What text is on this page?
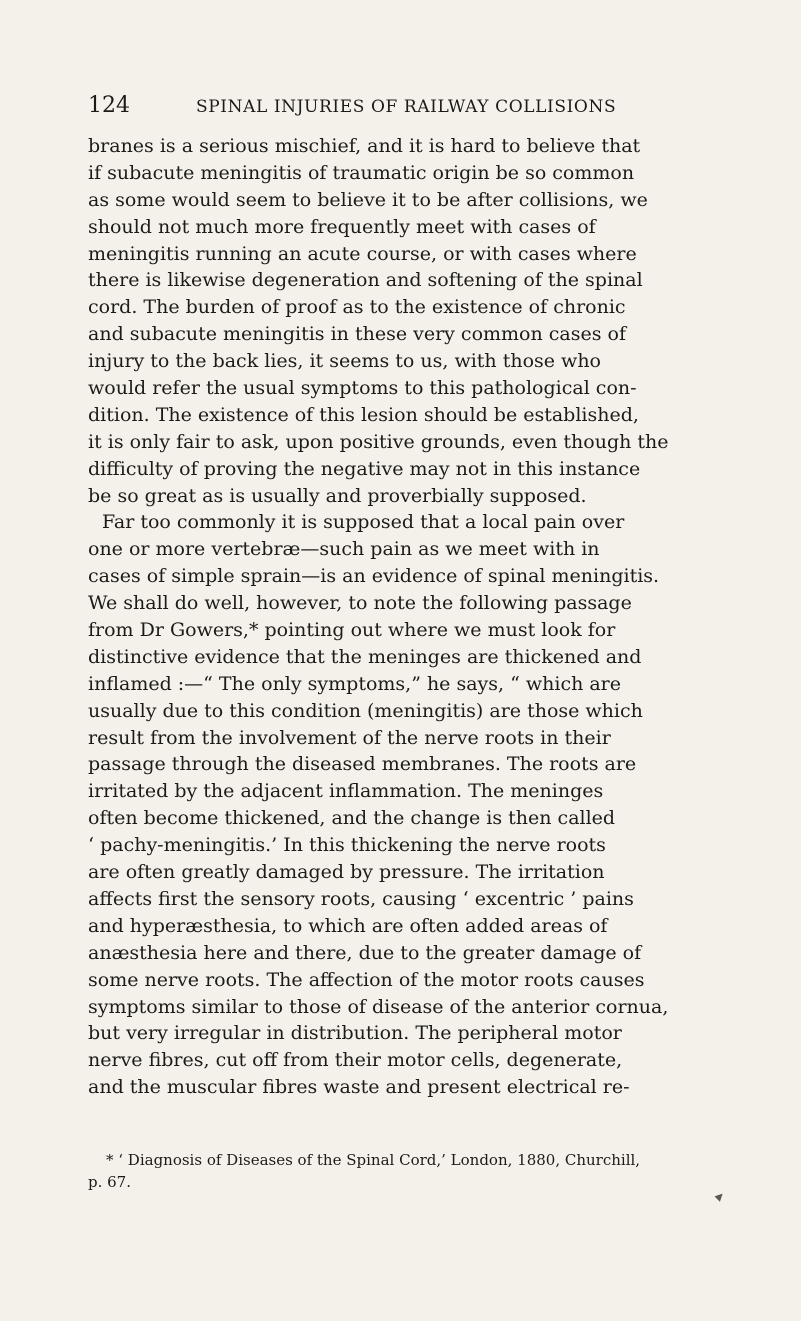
124	SPINAL INJURIES OF RAILWAY COLLISIONS
branes is a serious mischief, and it is hard to believe that
if subacute meningitis of traumatic origin be so common
as some would seem to believe it to be after collisions, we
should not much more frequently meet with cases of
meningitis running an acute course, or with cases where
there is likewise degeneration and softening of the spinal
cord. The burden of proof as to the existence of chronic
and subacute meningitis in these very common cases of
injury to the back lies, it seems to us, with those who
would refer the usual symptoms to this pathological con-
dition. The existence of this lesion should be established,
it is only fair to ask, upon positive grounds, even though the
difficulty of proving the negative may not in this instance
be so great as is usually and proverbially supposed.
Far too commonly it is supposed that a local pain over
one or more vertebræ—such pain as we meet with in
cases of simple sprain—is an evidence of spinal meningitis.
We shall do well, however, to note the following passage
from Dr Gowers,* pointing out where we must look for
distinctive evidence that the meninges are thickened and
inflamed :—“ The only symptoms,” he says, “ which are
usually due to this condition (meningitis) are those which
result from the involvement of the nerve roots in their
passage through the diseased membranes. The roots are
irritated by the adjacent inflammation. The meninges
often become thickened, and the change is then called
‘ pachy-meningitis.’ In this thickening the nerve roots
are often greatly damaged by pressure. The irritation
affects first the sensory roots, causing ‘ excentric ’ pains
and hyperæsthesia, to which are often added areas of
anæsthesia here and there, due to the greater damage of
some nerve roots. The affection of the motor roots causes
symptoms similar to those of disease of the anterior cornua,
but very irregular in distribution. The peripheral motor
nerve fibres, cut off from their motor cells, degenerate,
and the muscular fibres waste and present electrical re-
* ‘ Diagnosis of Diseases of the Spinal Cord,’ London, 1880, Churchill,
p. 67.
▲
